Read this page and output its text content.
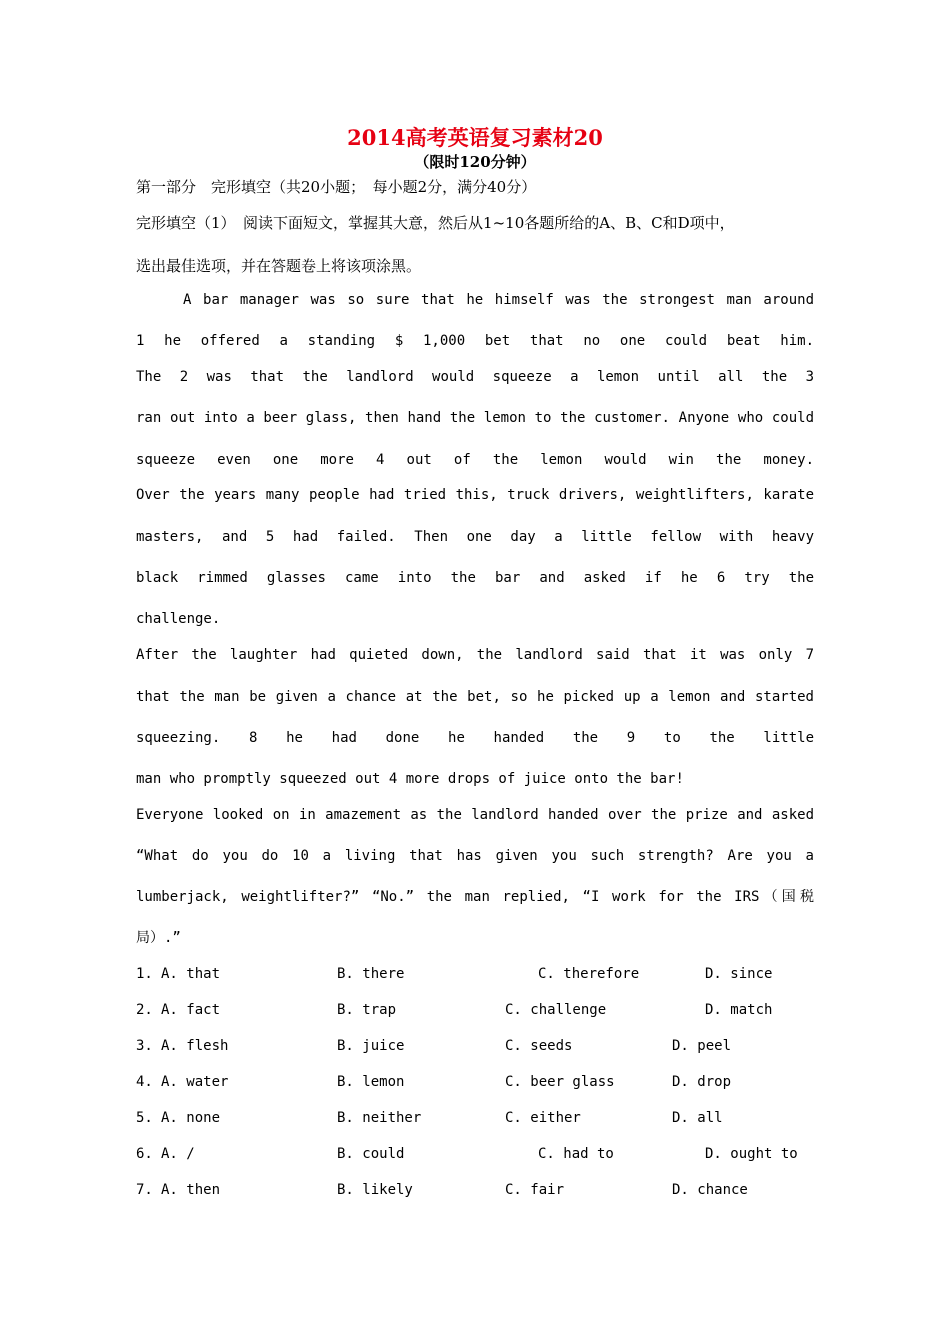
2014高考英语复习素材20
（限时120分钟）
第一部分　完形填空（共20小题；　每小题2分，满分40分）
完形填空（1）　阅读下面短文，掌握其大意，然后从1~10各题所给的A、B、C和D项中，
选出最佳选项，并在答题卷上将该项涂黑。
A bar manager was so sure that he himself was the strongest man around
1 he offered a standing $ 1,000 bet that no one could beat him.
The 2 was that the landlord would squeeze a lemon until all the 3
ran out into a beer glass, then hand the lemon to the customer. Anyone who could
squeeze even one more 4 out of the lemon would win the money.
Over the years many people had tried this, truck drivers, weightlifters, karate
masters, and 5 had failed. Then one day a little fellow with heavy
black rimmed glasses came into the bar and asked if he 6 try the
challenge.
After the laughter had quieted down, the landlord said that it was only 7
that the man be given a chance at the bet, so he picked up a lemon and started
squeezing. 8 he had done he handed the 9 to the little
man who promptly squeezed out 4 more drops of juice onto the bar!
Everyone looked on in amazement as the landlord handed over the prize and asked
“What do you do 10 a living that has given you such strength? Are you a
lumberjack, weightlifter?” “No.” the man replied, “I work for the IRS（国税
局）.”
1. A. that	B. there	C. therefore	D. since
2. A. fact	B. trap	C. challenge	D. match
3. A. flesh	B. juice	C. seeds	D. peel
4. A. water	B. lemon	C. beer glass	D. drop
5. A. none	B. neither	C. either	D. all
6. A. /	B. could	C. had to	D. ought to
7. A. then	B. likely	C. fair	D. chance
